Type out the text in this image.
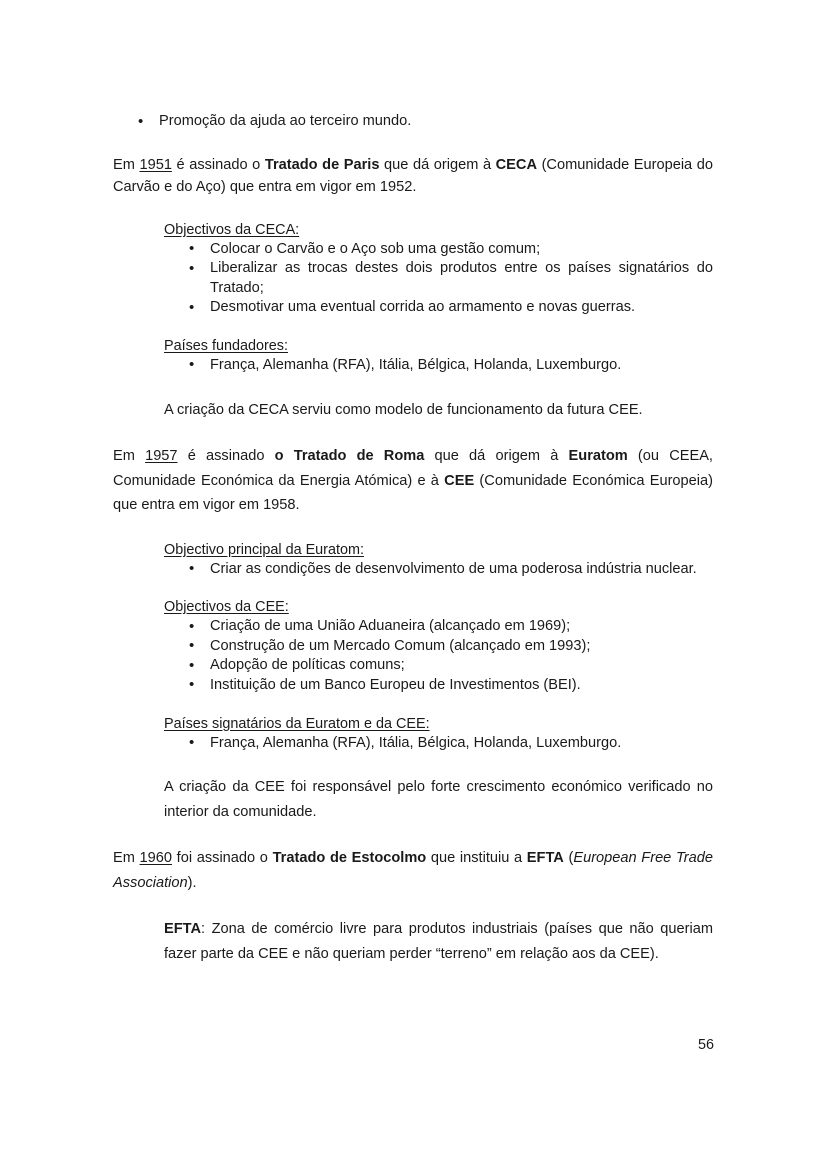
• Promoção da ajuda ao terceiro mundo.

Em 1951 é assinado o Tratado de Paris que dá origem à CECA (Comunidade Europeia do Carvão e do Aço) que entra em vigor em 1952.

Objectivos da CECA:

• Colocar o Carvão e o Aço sob uma gestão comum;
• Liberalizar as trocas destes dois produtos entre os países signatários do Tratado;
• Desmotivar uma eventual corrida ao armamento e novas guerras.

Países fundadores:

• França, Alemanha (RFA), Itália, Bélgica, Holanda, Luxemburgo.

A criação da CECA serviu como modelo de funcionamento da futura CEE.

Em 1957 é assinado o Tratado de Roma que dá origem à Euratom (ou CEEA, Comunidade Económica da Energia Atómica) e à CEE (Comunidade Económica Europeia) que entra em vigor em 1958.

Objectivo principal da Euratom:

• Criar as condições de desenvolvimento de uma poderosa indústria nuclear.

Objectivos da CEE:

• Criação de uma União Aduaneira (alcançado em 1969);
• Construção de um Mercado Comum (alcançado em 1993);
• Adopção de políticas comuns;
• Instituição de um Banco Europeu de Investimentos (BEI).

Países signatários da Euratom e da CEE:

• França, Alemanha (RFA), Itália, Bélgica, Holanda, Luxemburgo.

A criação da CEE foi responsável pelo forte crescimento económico verificado no interior da comunidade.

Em 1960 foi assinado o Tratado de Estocolmo que instituiu a EFTA (European Free Trade Association).

EFTA: Zona de comércio livre para produtos industriais (países que não queriam fazer parte da CEE e não queriam perder “terreno” em relação aos da CEE).

56
